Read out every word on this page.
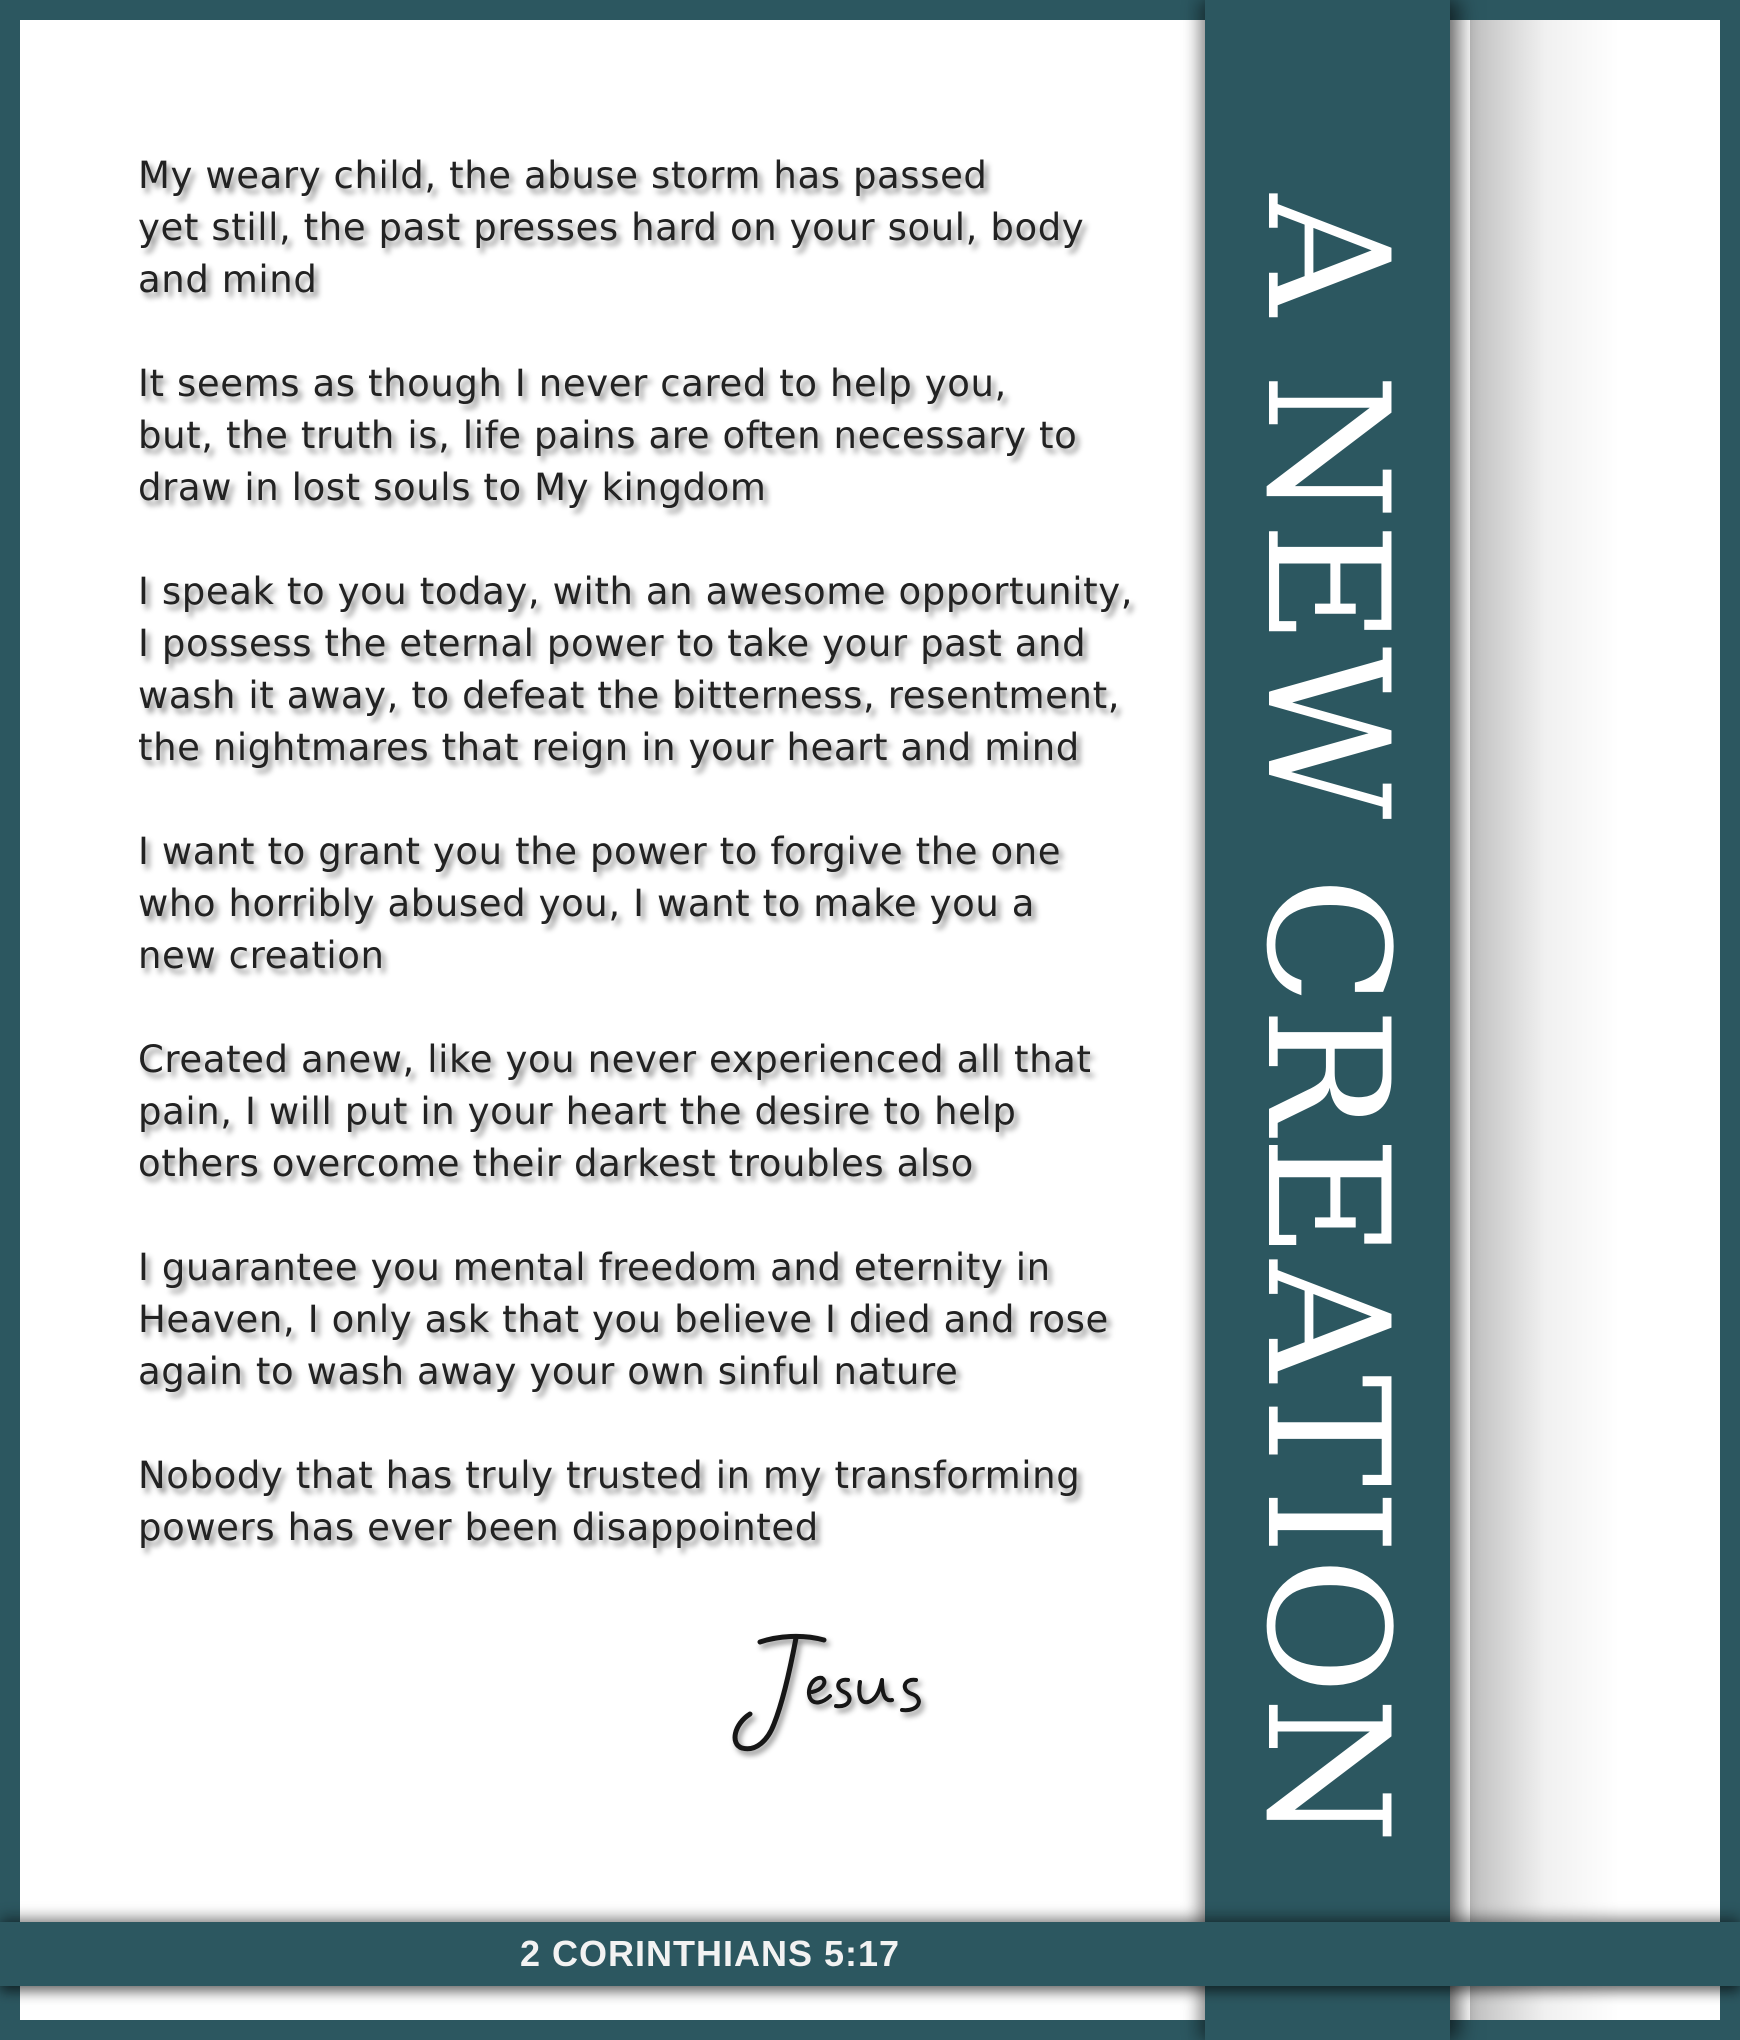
My weary child, the abuse storm has passed
yet still, the past presses hard on your soul, body
and mind

It seems as though I never cared to help you,
but, the truth is, life pains are often necessary to
draw in lost souls to My kingdom

I speak to you today, with an awesome opportunity,
I possess the eternal power to take your past and
wash it away, to defeat the bitterness, resentment,
the nightmares that reign in your heart and mind

I want to grant you the power to forgive the one
who horribly abused you, I want to make you a
new creation

Created anew, like you never experienced all that
pain, I will put in your heart the desire to help
others overcome their darkest troubles also

I guarantee you mental freedom and eternity in
Heaven, I only ask that you believe I died and rose
again to wash away your own sinful nature

Nobody that has truly trusted in my transforming
powers has ever been disappointed	A NEW CREATION
2 CORINTHIANS 5:17
